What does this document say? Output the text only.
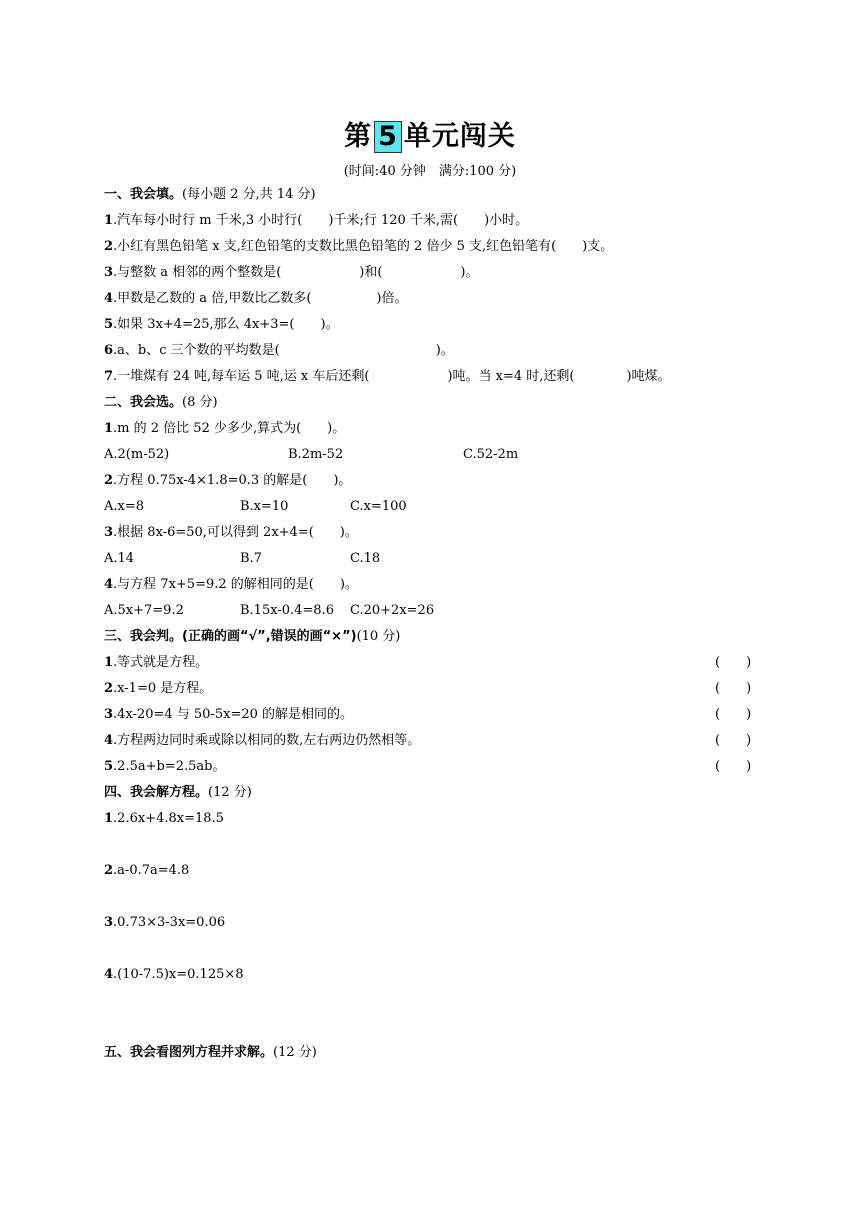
第 5 单元闯关
(时间:40 分钟　满分:100 分)
一、我会填。(每小题 2 分,共 14 分)
1.汽车每小时行 m 千米,3 小时行(　　)千米;行 120 千米,需(　　)小时。
2.小红有黑色铅笔 x 支,红色铅笔的支数比黑色铅笔的 2 倍少 5 支,红色铅笔有(　　)支。
3.与整数 a 相邻的两个整数是(　　　　　　)和(　　　　　　)。
4.甲数是乙数的 a 倍,甲数比乙数多(　　　　　)倍。
5.如果 3x+4=25,那么 4x+3=(　　)。
6.a、b、c 三个数的平均数是(　　　　　　　　　　　　)。
7.一堆煤有 24 吨,每车运 5 吨,运 x 车后还剩(　　　　　　)吨。当 x=4 时,还剩(　　　　)吨煤。
二、我会选。(8 分)
1.m 的 2 倍比 52 少多少,算式为(　　)。
A.2(m-52)	B.2m-52	C.52-2m
2.方程 0.75x-4×1.8=0.3 的解是(　　)。
A.x=8	B.x=10	C.x=100
3.根据 8x-6=50,可以得到 2x+4=(　　)。
A.14	B.7	C.18
4.与方程 7x+5=9.2 的解相同的是(　　)。
A.5x+7=9.2	B.15x-0.4=8.6 C.20+2x=26
三、我会判。(正确的画“√”,错误的画“×”)(10 分)
1.等式就是方程。	(　　)
2.x-1=0 是方程。	(　　)
3.4x-20=4 与 50-5x=20 的解是相同的。	(　　)
4.方程两边同时乘或除以相同的数,左右两边仍然相等。	(　　)
5.2.5a+b=2.5ab。	(　　)
四、我会解方程。(12 分)
1.2.6x+4.8x=18.5
2.a-0.7a=4.8
3.0.73×3-3x=0.06
4.(10-7.5)x=0.125×8
五、我会看图列方程并求解。(12 分)
